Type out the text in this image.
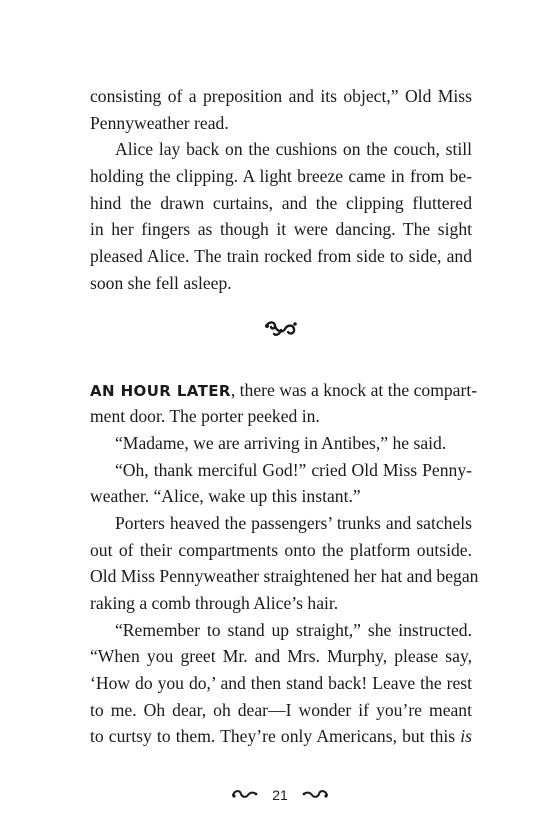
consisting of a preposition and its object,” Old Miss
Pennyweather read.
Alice lay back on the cushions on the couch, still
holding the clipping. A light breeze came in from be-
hind the drawn curtains, and the clipping fluttered
in her fingers as though it were dancing. The sight
pleased Alice. The train rocked from side to side, and
soon she fell asleep.
AN HOUR LATER, there was a knock at the compart-
ment door. The porter peeked in.
“Madame, we are arriving in Antibes,” he said.
“Oh, thank merciful God!” cried Old Miss Penny-
weather. “Alice, wake up this instant.”
Porters heaved the passengers’ trunks and satchels
out of their compartments onto the platform outside.
Old Miss Pennyweather straightened her hat and began
raking a comb through Alice’s hair.
“Remember to stand up straight,” she instructed.
“When you greet Mr. and Mrs. Murphy, please say,
‘How do you do,’ and then stand back! Leave the rest
to me. Oh dear, oh dear—I wonder if you’re meant
to curtsy to them. They’re only Americans, but this is
21
